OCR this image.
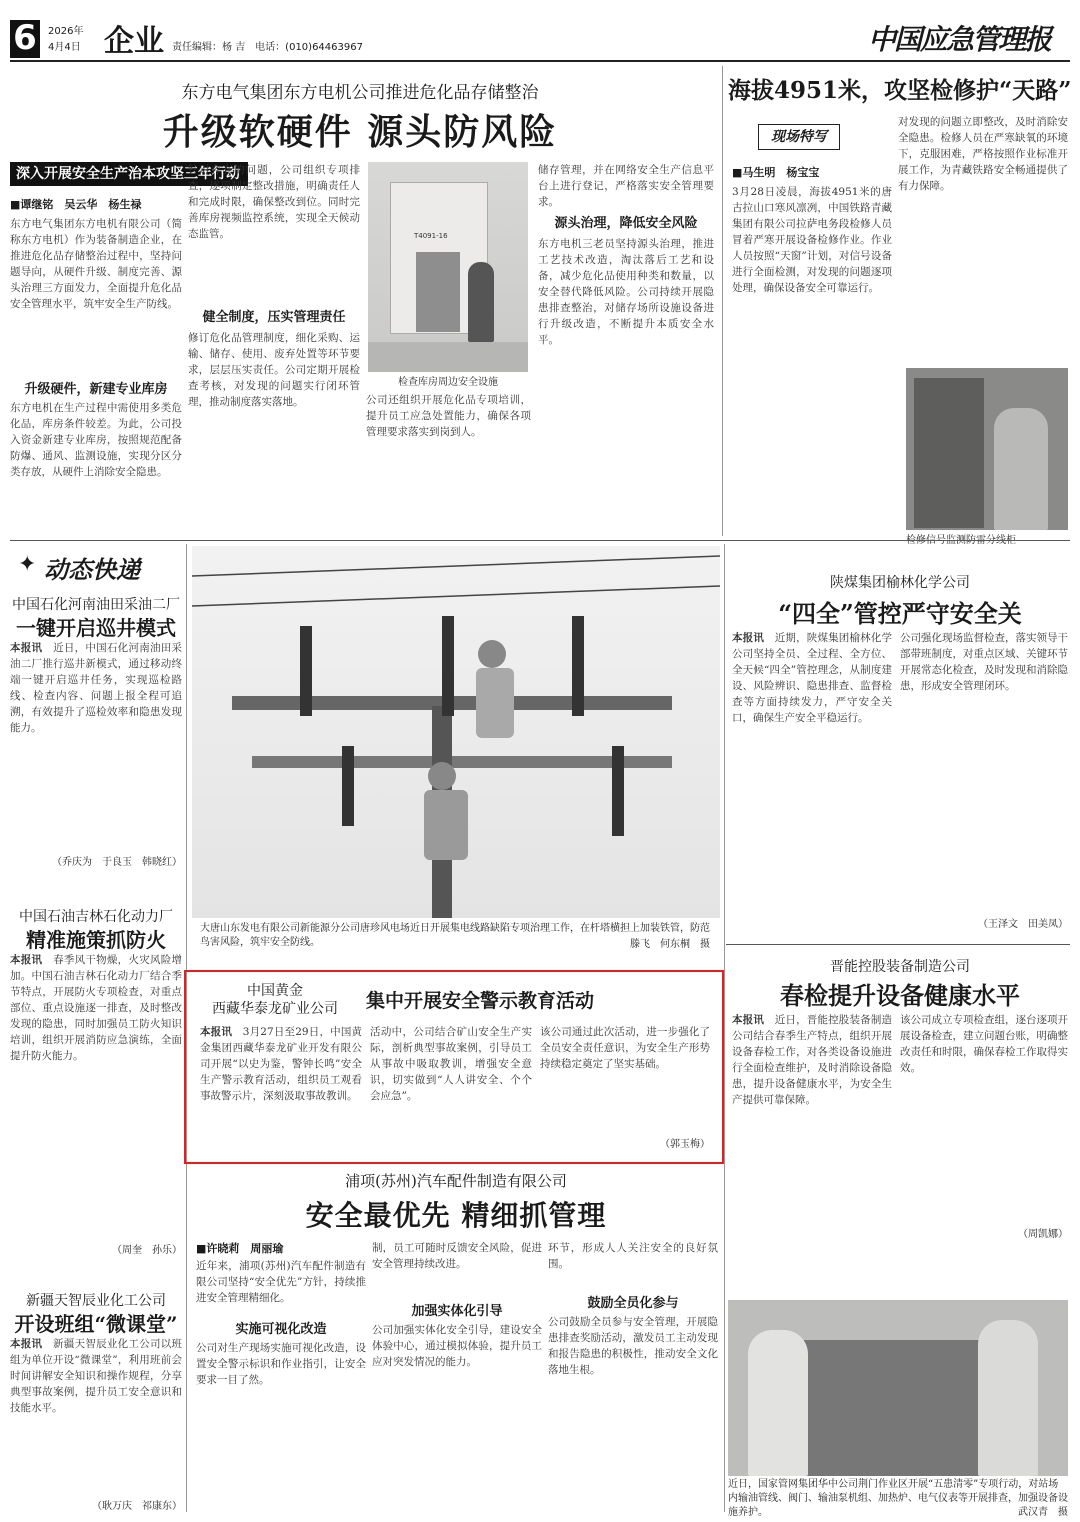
6	2026年
4月4日 企业 责任编辑：杨 吉　电话：(010)64463967	中国应急管理报
东方电气集团东方电机公司推进危化品存储整治
升级软硬件 源头防风险
深入开展安全生产治本攻坚三年行动
■谭继铭　吴云华　杨生禄
东方电气集团东方电机有限公司（简称东方电机）作为装备制造企业，在推进危化品存储整治过程中，坚持问题导向，从硬件升级、制度完善、源头治理三方面发力，全面提升危化品安全管理水平，筑牢安全生产防线。
升级硬件，新建专业库房
东方电机在生产过程中需使用多类危化品，库房条件较差。为此，公司投入资金新建专业库房，按照规范配备防爆、通风、监测设施，实现分区分类存放，从硬件上消除安全隐患。
针对存在的问题，公司组织专项排查，逐项制定整改措施，明确责任人和完成时限，确保整改到位。同时完善库房视频监控系统，实现全天候动态监管。
健全制度，压实管理责任
修订危化品管理制度，细化采购、运输、储存、使用、废弃处置等环节要求，层层压实责任。公司定期开展检查考核，对发现的问题实行闭环管理，推动制度落实落地。	公司还组织开展危化品专项培训，提升员工应急处置能力，确保各项管理要求落实到岗到人。
T4091-16
检查库房周边安全设施
储存管理，并在网络安全生产信息平台上进行登记，严格落实安全管理要求。
源头治理，降低安全风险
东方电机三老员坚持源头治理，推进工艺技术改造，淘汰落后工艺和设备，减少危化品使用种类和数量，以安全替代降低风险。公司持续开展隐患排查整治，对储存场所设施设备进行升级改造，不断提升本质安全水平。
海拔4951米，攻坚检修护“天路”
现场特写
■马生明　杨宝宝
3月28日凌晨，海拔4951米的唐古拉山口寒风凛冽，中国铁路青藏集团有限公司拉萨电务段检修人员冒着严寒开展设备检修作业。作业人员按照“天窗”计划，对信号设备进行全面检测，对发现的问题逐项处理，确保设备安全可靠运行。
对发现的问题立即整改，及时消除安全隐患。检修人员在严寒缺氧的环境下，克服困难，严格按照作业标准开展工作，为青藏铁路安全畅通提供了有力保障。
✦ 动态快递
中国石化河南油田采油二厂
一键开启巡井模式
本报讯　近日，中国石化河南油田采油二厂推行巡井新模式，通过移动终端一键开启巡井任务，实现巡检路线、检查内容、问题上报全程可追溯，有效提升了巡检效率和隐患发现能力。
（乔庆为　于良玉　韩晓红）
中国石油吉林石化动力厂
精准施策抓防火
本报讯　春季风干物燥，火灾风险增加。中国石油吉林石化动力厂结合季节特点，开展防火专项检查，对重点部位、重点设施逐一排查，及时整改发现的隐患，同时加强员工防火知识培训，组织开展消防应急演练，全面提升防火能力。
（周奎　孙乐）
新疆天智辰业化工公司
开设班组“微课堂”
本报讯　新疆天智辰业化工公司以班组为单位开设“微课堂”，利用班前会时间讲解安全知识和操作规程，分享典型事故案例，提升员工安全意识和技能水平。
（耿万庆　祁康东）
大唐山东发电有限公司新能源分公司唐珍风电场近日开展集电线路缺陷专项治理工作，在杆塔横担上加装铁管，防范鸟害风险，筑牢安全防线。	滕飞　何东桐　摄
中国黄金
西藏华泰龙矿业公司	集中开展安全警示教育活动
本报讯　3月27日至29日，中国黄金集团西藏华泰龙矿业开发有限公司开展“以史为鉴，警钟长鸣”安全生产警示教育活动，组织员工观看事故警示片，深刻汲取事故教训。
活动中，公司结合矿山安全生产实际，剖析典型事故案例，引导员工从事故中吸取教训，增强安全意识，切实做到“人人讲安全、个个会应急”。
该公司通过此次活动，进一步强化了全员安全责任意识，为安全生产形势持续稳定奠定了坚实基础。
（郭玉梅）
陕煤集团榆林化学公司
“四全”管控严守安全关
本报讯　近期，陕煤集团榆林化学公司坚持全员、全过程、全方位、全天候“四全”管控理念，从制度建设、风险辨识、隐患排查、监督检查等方面持续发力，严守安全关口，确保生产安全平稳运行。
公司强化现场监督检查，落实领导干部带班制度，对重点区域、关键环节开展常态化检查，及时发现和消除隐患，形成安全管理闭环。
（王泽文　田美凤）
晋能控股装备制造公司
春检提升设备健康水平
本报讯　近日，晋能控股装备制造公司结合春季生产特点，组织开展设备春检工作，对各类设备设施进行全面检查维护，及时消除设备隐患，提升设备健康水平，为安全生产提供可靠保障。
该公司成立专项检查组，逐台逐项开展设备检查，建立问题台账，明确整改责任和时限，确保春检工作取得实效。
（周凯娜）
浦项(苏州)汽车配件制造有限公司
安全最优先 精细抓管理
■许晓莉　周丽瑜
近年来，浦项(苏州)汽车配件制造有限公司坚持“安全优先”方针，持续推进安全管理精细化。
实施可视化改造
公司对生产现场实施可视化改造，设置安全警示标识和作业指引，让安全要求一目了然。
制，员工可随时反馈安全风险，促进安全管理持续改进。
加强实体化引导
公司加强实体化安全引导，建设安全体验中心，通过模拟体验，提升员工应对突发情况的能力。
环节，形成人人关注安全的良好氛围。
鼓励全员化参与
公司鼓励全员参与安全管理，开展隐患排查奖励活动，激发员工主动发现和报告隐患的积极性，推动安全文化落地生根。
近日，国家管网集团华中公司荆门作业区开展“五患清零”专项行动，对站场内输油管线、阀门、输油泵机组、加热炉、电气仪表等开展排查，加强设备设施养护。	武汉青　摄
